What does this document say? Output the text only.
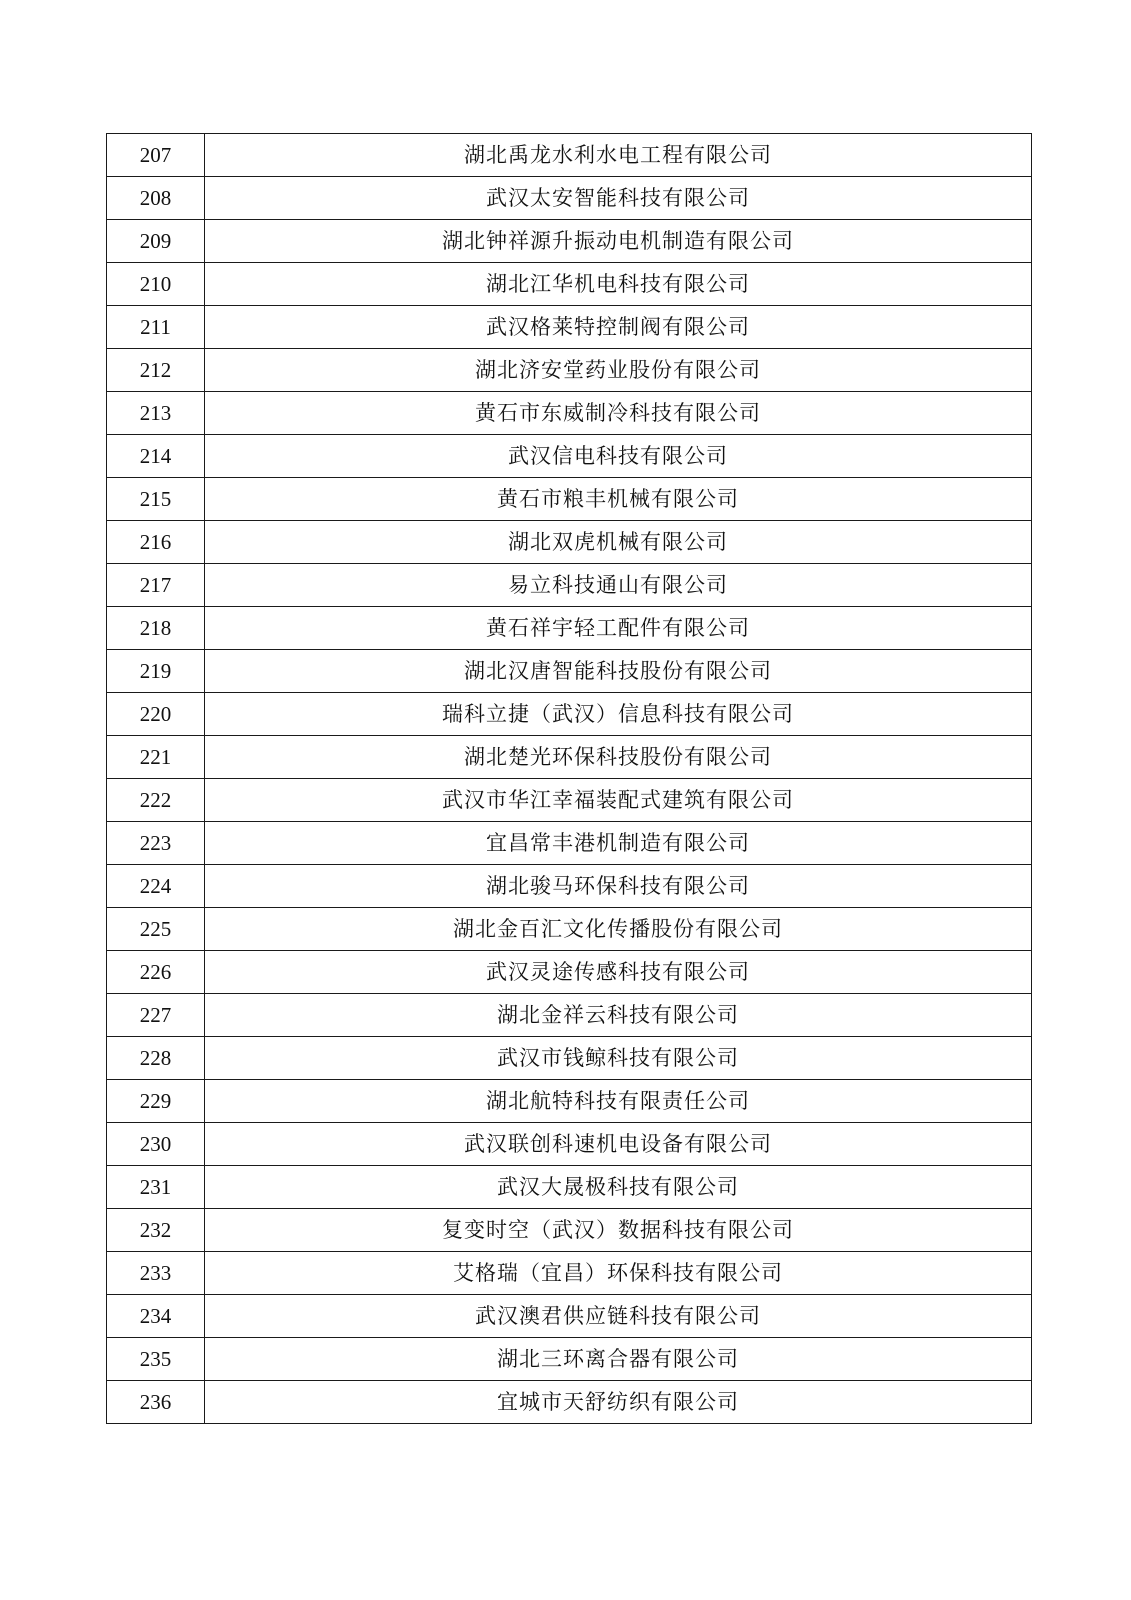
207	湖北禹龙水利水电工程有限公司
208	武汉太安智能科技有限公司
209	湖北钟祥源升振动电机制造有限公司
210	湖北江华机电科技有限公司
211	武汉格莱特控制阀有限公司
212	湖北济安堂药业股份有限公司
213	黄石市东威制冷科技有限公司
214	武汉信电科技有限公司
215	黄石市粮丰机械有限公司
216	湖北双虎机械有限公司
217	易立科技通山有限公司
218	黄石祥宇轻工配件有限公司
219	湖北汉唐智能科技股份有限公司
220	瑞科立捷（武汉）信息科技有限公司
221	湖北楚光环保科技股份有限公司
222	武汉市华江幸福装配式建筑有限公司
223	宜昌常丰港机制造有限公司
224	湖北骏马环保科技有限公司
225	湖北金百汇文化传播股份有限公司
226	武汉灵途传感科技有限公司
227	湖北金祥云科技有限公司
228	武汉市钱鲸科技有限公司
229	湖北航特科技有限责任公司
230	武汉联创科速机电设备有限公司
231	武汉大晟极科技有限公司
232	复变时空（武汉）数据科技有限公司
233	艾格瑞（宜昌）环保科技有限公司
234	武汉澳君供应链科技有限公司
235	湖北三环离合器有限公司
236	宜城市天舒纺织有限公司
